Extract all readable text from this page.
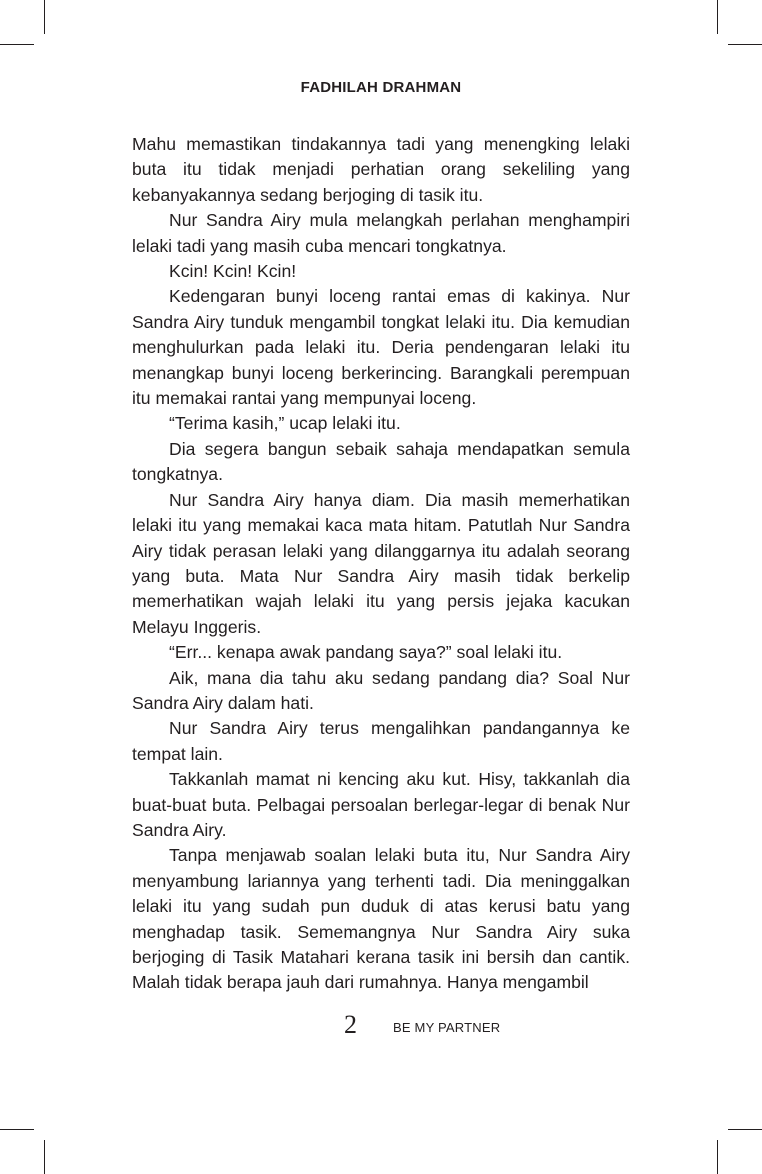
FADHILAH DRAHMAN

Mahu memastikan tindakannya tadi yang menengking lelaki buta itu tidak menjadi perhatian orang sekeliling yang kebanyakannya sedang berjoging di tasik itu.

Nur Sandra Airy mula melangkah perlahan menghampiri lelaki tadi yang masih cuba mencari tongkatnya.

Kcin! Kcin! Kcin!

Kedengaran bunyi loceng rantai emas di kakinya. Nur Sandra Airy tunduk mengambil tongkat lelaki itu. Dia kemudian menghulurkan pada lelaki itu. Deria pendengaran lelaki itu menangkap bunyi loceng berkerincing. Barangkali perempuan itu memakai rantai yang mempunyai loceng.

“Terima kasih,” ucap lelaki itu.

Dia segera bangun sebaik sahaja mendapatkan semula tongkatnya.

Nur Sandra Airy hanya diam. Dia masih memerhatikan lelaki itu yang memakai kaca mata hitam. Patutlah Nur Sandra Airy tidak perasan lelaki yang dilanggarnya itu adalah seorang yang buta. Mata Nur Sandra Airy masih tidak berkelip memerhatikan wajah lelaki itu yang persis jejaka kacukan Melayu Inggeris.

“Err... kenapa awak pandang saya?” soal lelaki itu.

Aik, mana dia tahu aku sedang pandang dia? Soal Nur Sandra Airy dalam hati.

Nur Sandra Airy terus mengalihkan pandangannya ke tempat lain.

Takkanlah mamat ni kencing aku kut. Hisy, takkanlah dia buat-buat buta. Pelbagai persoalan berlegar-legar di benak Nur Sandra Airy.

Tanpa menjawab soalan lelaki buta itu, Nur Sandra Airy menyambung lariannya yang terhenti tadi. Dia meninggalkan lelaki itu yang sudah pun duduk di atas kerusi batu yang menghadap tasik. Sememangnya Nur Sandra Airy suka berjoging di Tasik Matahari kerana tasik ini bersih dan cantik. Malah tidak berapa jauh dari rumahnya. Hanya mengambil

2	BE MY PARTNER
